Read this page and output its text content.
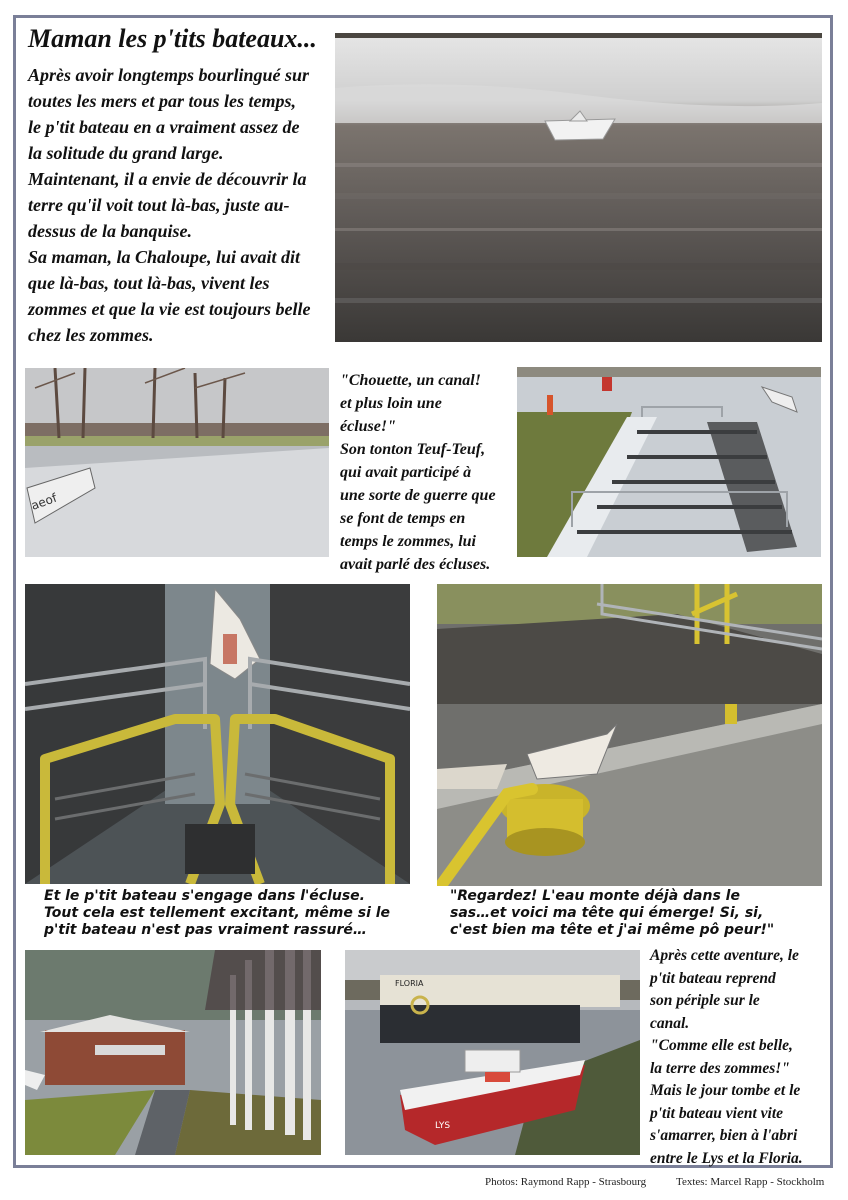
Maman les p'tits bateaux...
Après avoir longtemps bourlingué sur
toutes les mers et par tous les temps,
le p'tit bateau en a vraiment assez de
la solitude du grand large.
Maintenant, il a envie de découvrir la
terre qu'il voit tout là-bas, juste au-
dessus de la banquise.
Sa maman, la Chaloupe, lui avait dit
que là-bas, tout là-bas, vivent les
zommes et que la vie est toujours belle
chez les zommes.
aeof
"Chouette, un canal!
et plus loin une
écluse!"
Son tonton Teuf-Teuf,
qui avait participé à
une sorte de guerre que
se font de temps en
temps le zommes, lui
avait parlé des écluses.
Et le p'tit bateau s'engage dans l'écluse.
Tout cela est tellement excitant, même si le
p'tit bateau n'est pas vraiment rassuré…
"Regardez! L'eau monte déjà dans le
sas…et voici ma tête qui émerge! Si, si,
c'est bien ma tête et j'ai même pô peur!"
FLORIA
LYS
Après cette aventure, le
p'tit bateau reprend
son périple sur le
canal.
"Comme elle est belle,
la terre des zommes!"
Mais le jour tombe et le
p'tit bateau vient vite
s'amarrer, bien à l'abri
entre le Lys et la Floria.
Photos: Raymond Rapp - Strasbourg	Textes: Marcel Rapp - Stockholm
